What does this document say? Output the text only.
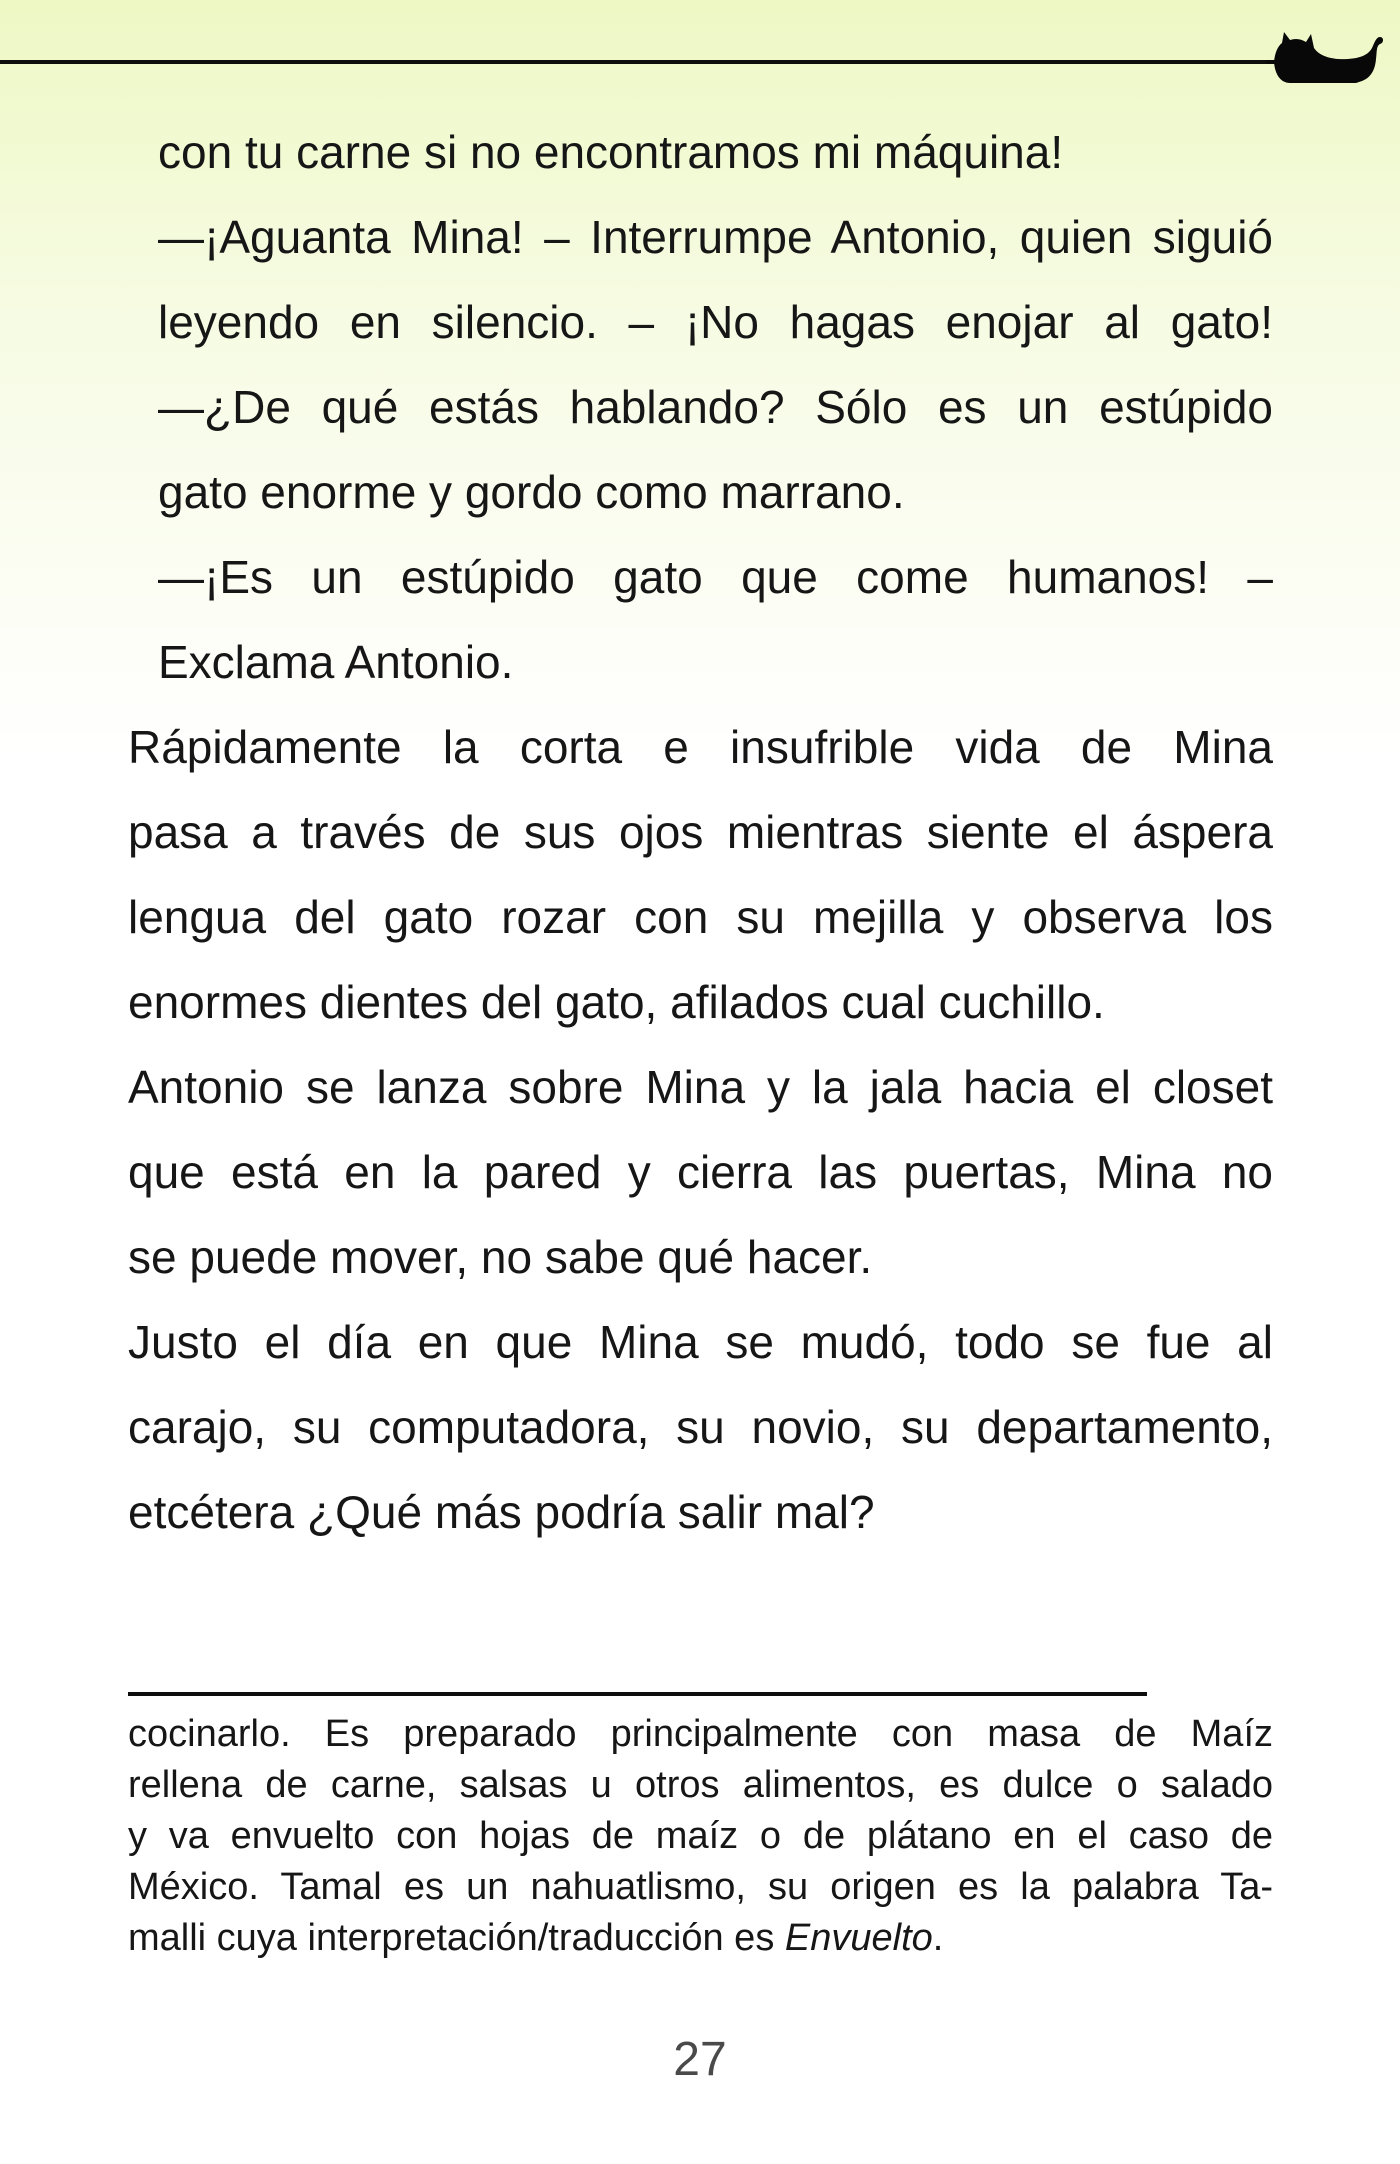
con tu carne si no encontramos mi máquina!
—¡Aguanta Mina! – Interrumpe Antonio, quien siguió
leyendo en silencio. – ¡No hagas enojar al gato!
—¿De qué estás hablando? Sólo es un estúpido
gato enorme y gordo como marrano.
—¡Es un estúpido gato que come humanos! –
Exclama Antonio.
Rápidamente la corta e insufrible vida de Mina
pasa a través de sus ojos mientras siente el áspera
lengua del gato rozar con su mejilla y observa los
enormes dientes del gato, afilados cual cuchillo.
Antonio se lanza sobre Mina y la jala hacia el closet
que está en la pared y cierra las puertas, Mina no
se puede mover, no sabe qué hacer.
Justo el día en que Mina se mudó, todo se fue al
carajo, su computadora, su novio, su departamento,
etcétera ¿Qué más podría salir mal?
cocinarlo. Es preparado principalmente con masa de Maíz
rellena de carne, salsas u otros alimentos, es dulce o salado
y va envuelto con hojas de maíz o de plátano en el caso de
México. Tamal es un nahuatlismo, su origen es la palabra Ta-
malli cuya interpretación/traducción es Envuelto.
27
